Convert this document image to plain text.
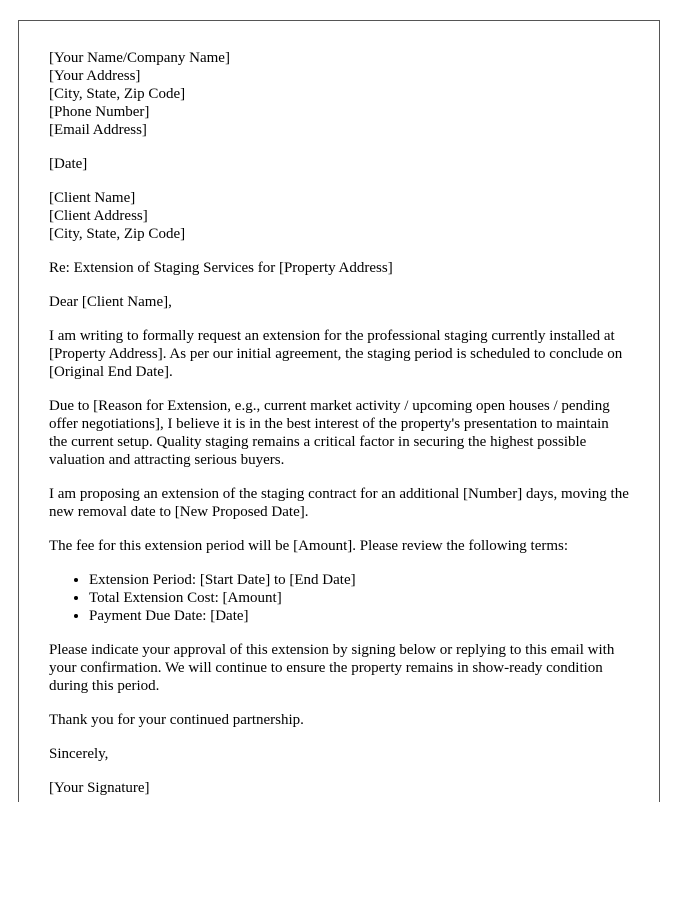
[Your Name/Company Name]
[Your Address]
[City, State, Zip Code]
[Phone Number]
[Email Address]
[Date]
[Client Name]
[Client Address]
[City, State, Zip Code]

Re: Extension of Staging Services for [Property Address]

Dear [Client Name],

I am writing to formally request an extension for the professional staging currently installed at [Property Address]. As per our initial agreement, the staging period is scheduled to conclude on [Original End Date].

Due to [Reason for Extension, e.g., current market activity / upcoming open houses / pending offer negotiations], I believe it is in the best interest of the property's presentation to maintain the current setup. Quality staging remains a critical factor in securing the highest possible valuation and attracting serious buyers.

I am proposing an extension of the staging contract for an additional [Number] days, moving the new removal date to [New Proposed Date].

The fee for this extension period will be [Amount]. Please review the following terms:

• Extension Period: [Start Date] to [End Date]
• Total Extension Cost: [Amount]
• Payment Due Date: [Date]

Please indicate your approval of this extension by signing below or replying to this email with your confirmation. We will continue to ensure the property remains in show-ready condition during this period.

Thank you for your continued partnership.

Sincerely,

[Your Signature]
